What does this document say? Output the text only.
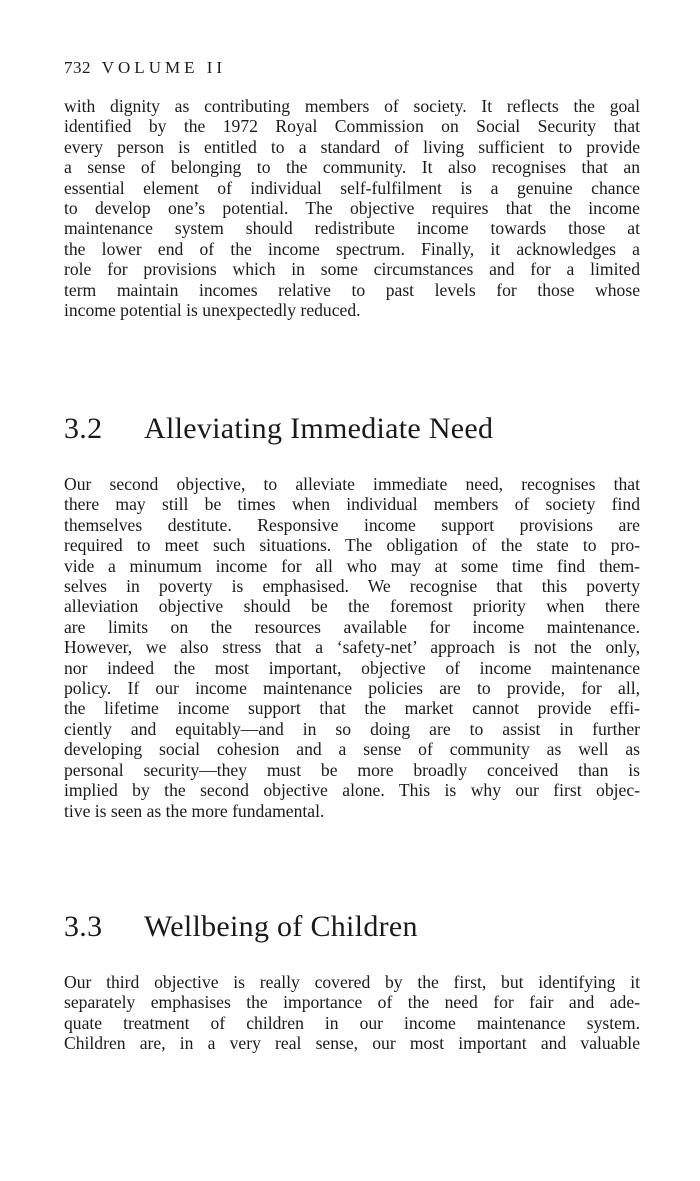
732 VOLUME II
with dignity as contributing members of society. It reflects the goal
identified by the 1972 Royal Commission on Social Security that
every person is entitled to a standard of living sufficient to provide
a sense of belonging to the community. It also recognises that an
essential element of individual self-fulfilment is a genuine chance
to develop one’s potential. The objective requires that the income
maintenance system should redistribute income towards those at
the lower end of the income spectrum. Finally, it acknowledges a
role for provisions which in some circumstances and for a limited
term maintain incomes relative to past levels for those whose
income potential is unexpectedly reduced.
3.2 Alleviating Immediate Need
Our second objective, to alleviate immediate need, recognises that
there may still be times when individual members of society find
themselves destitute. Responsive income support provisions are
required to meet such situations. The obligation of the state to pro-
vide a minumum income for all who may at some time find them-
selves in poverty is emphasised. We recognise that this poverty
alleviation objective should be the foremost priority when there
are limits on the resources available for income maintenance.
However, we also stress that a ‘safety-net’ approach is not the only,
nor indeed the most important, objective of income maintenance
policy. If our income maintenance policies are to provide, for all,
the lifetime income support that the market cannot provide effi-
ciently and equitably—and in so doing are to assist in further
developing social cohesion and a sense of community as well as
personal security—they must be more broadly conceived than is
implied by the second objective alone. This is why our first objec-
tive is seen as the more fundamental.
3.3 Wellbeing of Children
Our third objective is really covered by the first, but identifying it
separately emphasises the importance of the need for fair and ade-
quate treatment of children in our income maintenance system.
Children are, in a very real sense, our most important and valuable
